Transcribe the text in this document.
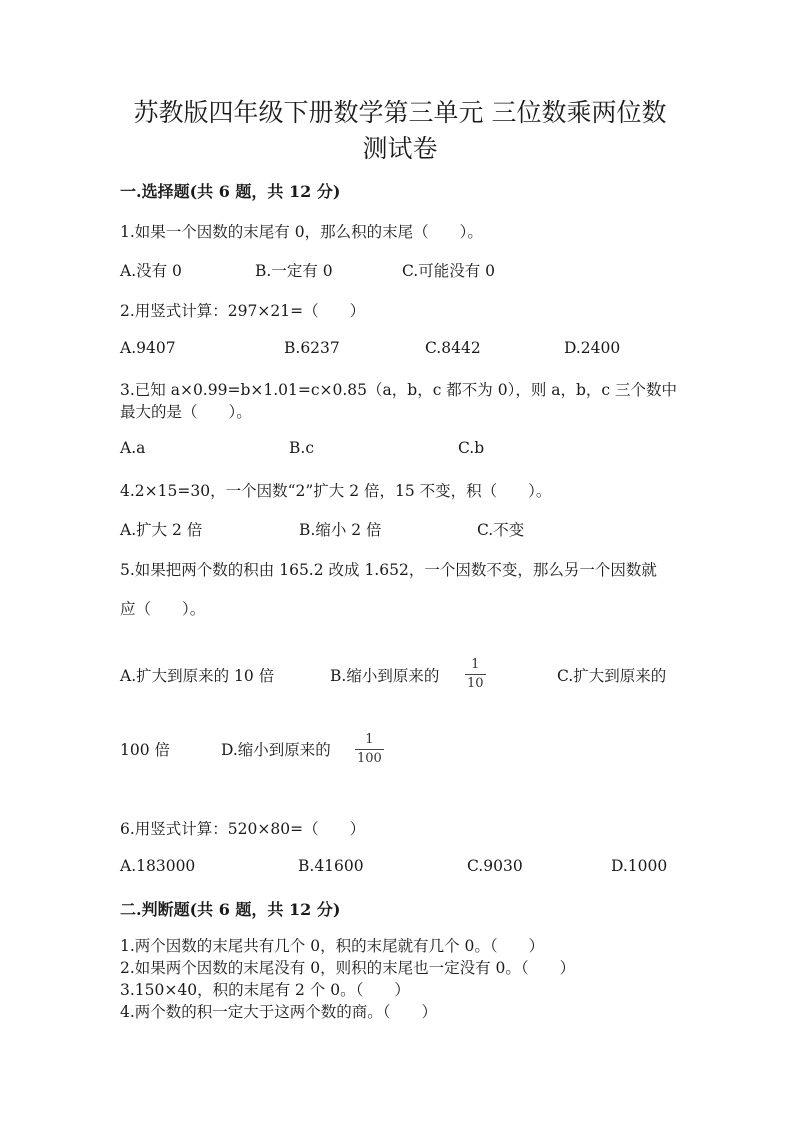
苏教版四年级下册数学第三单元 三位数乘两位数
测试卷
一.选择题(共 6 题，共 12 分)
1.如果一个因数的末尾有 0，那么积的末尾（　　）。
A.没有 0	B.一定有 0	C.可能没有 0
2.用竖式计算：297×21=（　　）
A.9407	B.6237	C.8442	D.2400
3.已知 a×0.99=b×1.01=c×0.85（a，b，c 都不为 0），则 a，b，c 三个数中
最大的是（　　）。
A.a	B.c	C.b
4.2×15=30，一个因数“2”扩大 2 倍，15 不变，积（　　）。
A.扩大 2 倍	B.缩小 2 倍	C.不变
5.如果把两个数的积由 165.2 改成 1.652，一个因数不变，那么另一个因数就
应（　　）。
A.扩大到原来的 10 倍	B.缩小到原来的
1
10	C.扩大到原来的
100 倍	D.缩小到原来的
1
100
6.用竖式计算：520×80=（　　）
A.183000	B.41600	C.9030	D.1000
二.判断题(共 6 题，共 12 分)
1.两个因数的末尾共有几个 0，积的末尾就有几个 0。（　　）
2.如果两个因数的末尾没有 0，则积的末尾也一定没有 0。（　　）
3.150×40，积的末尾有 2 个 0。（　　）
4.两个数的积一定大于这两个数的商。（　　）
